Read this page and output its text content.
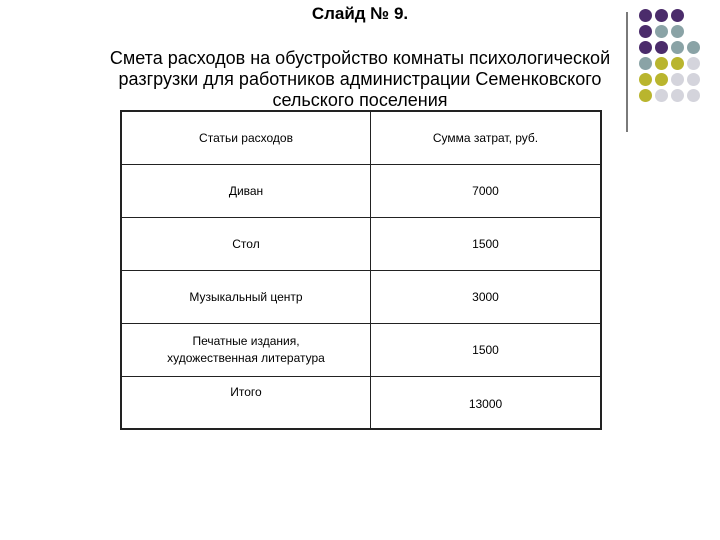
Слайд № 9.
Смета расходов на обустройство комнаты психологической
разгрузки для работников администрации Семенковского
сельского поселения
Статьи расходов	Сумма затрат, руб.
Диван	7000
Стол	1500
Музыкальный центр	3000

Печатные издания,
художественная литература	1500

Итого	13000
